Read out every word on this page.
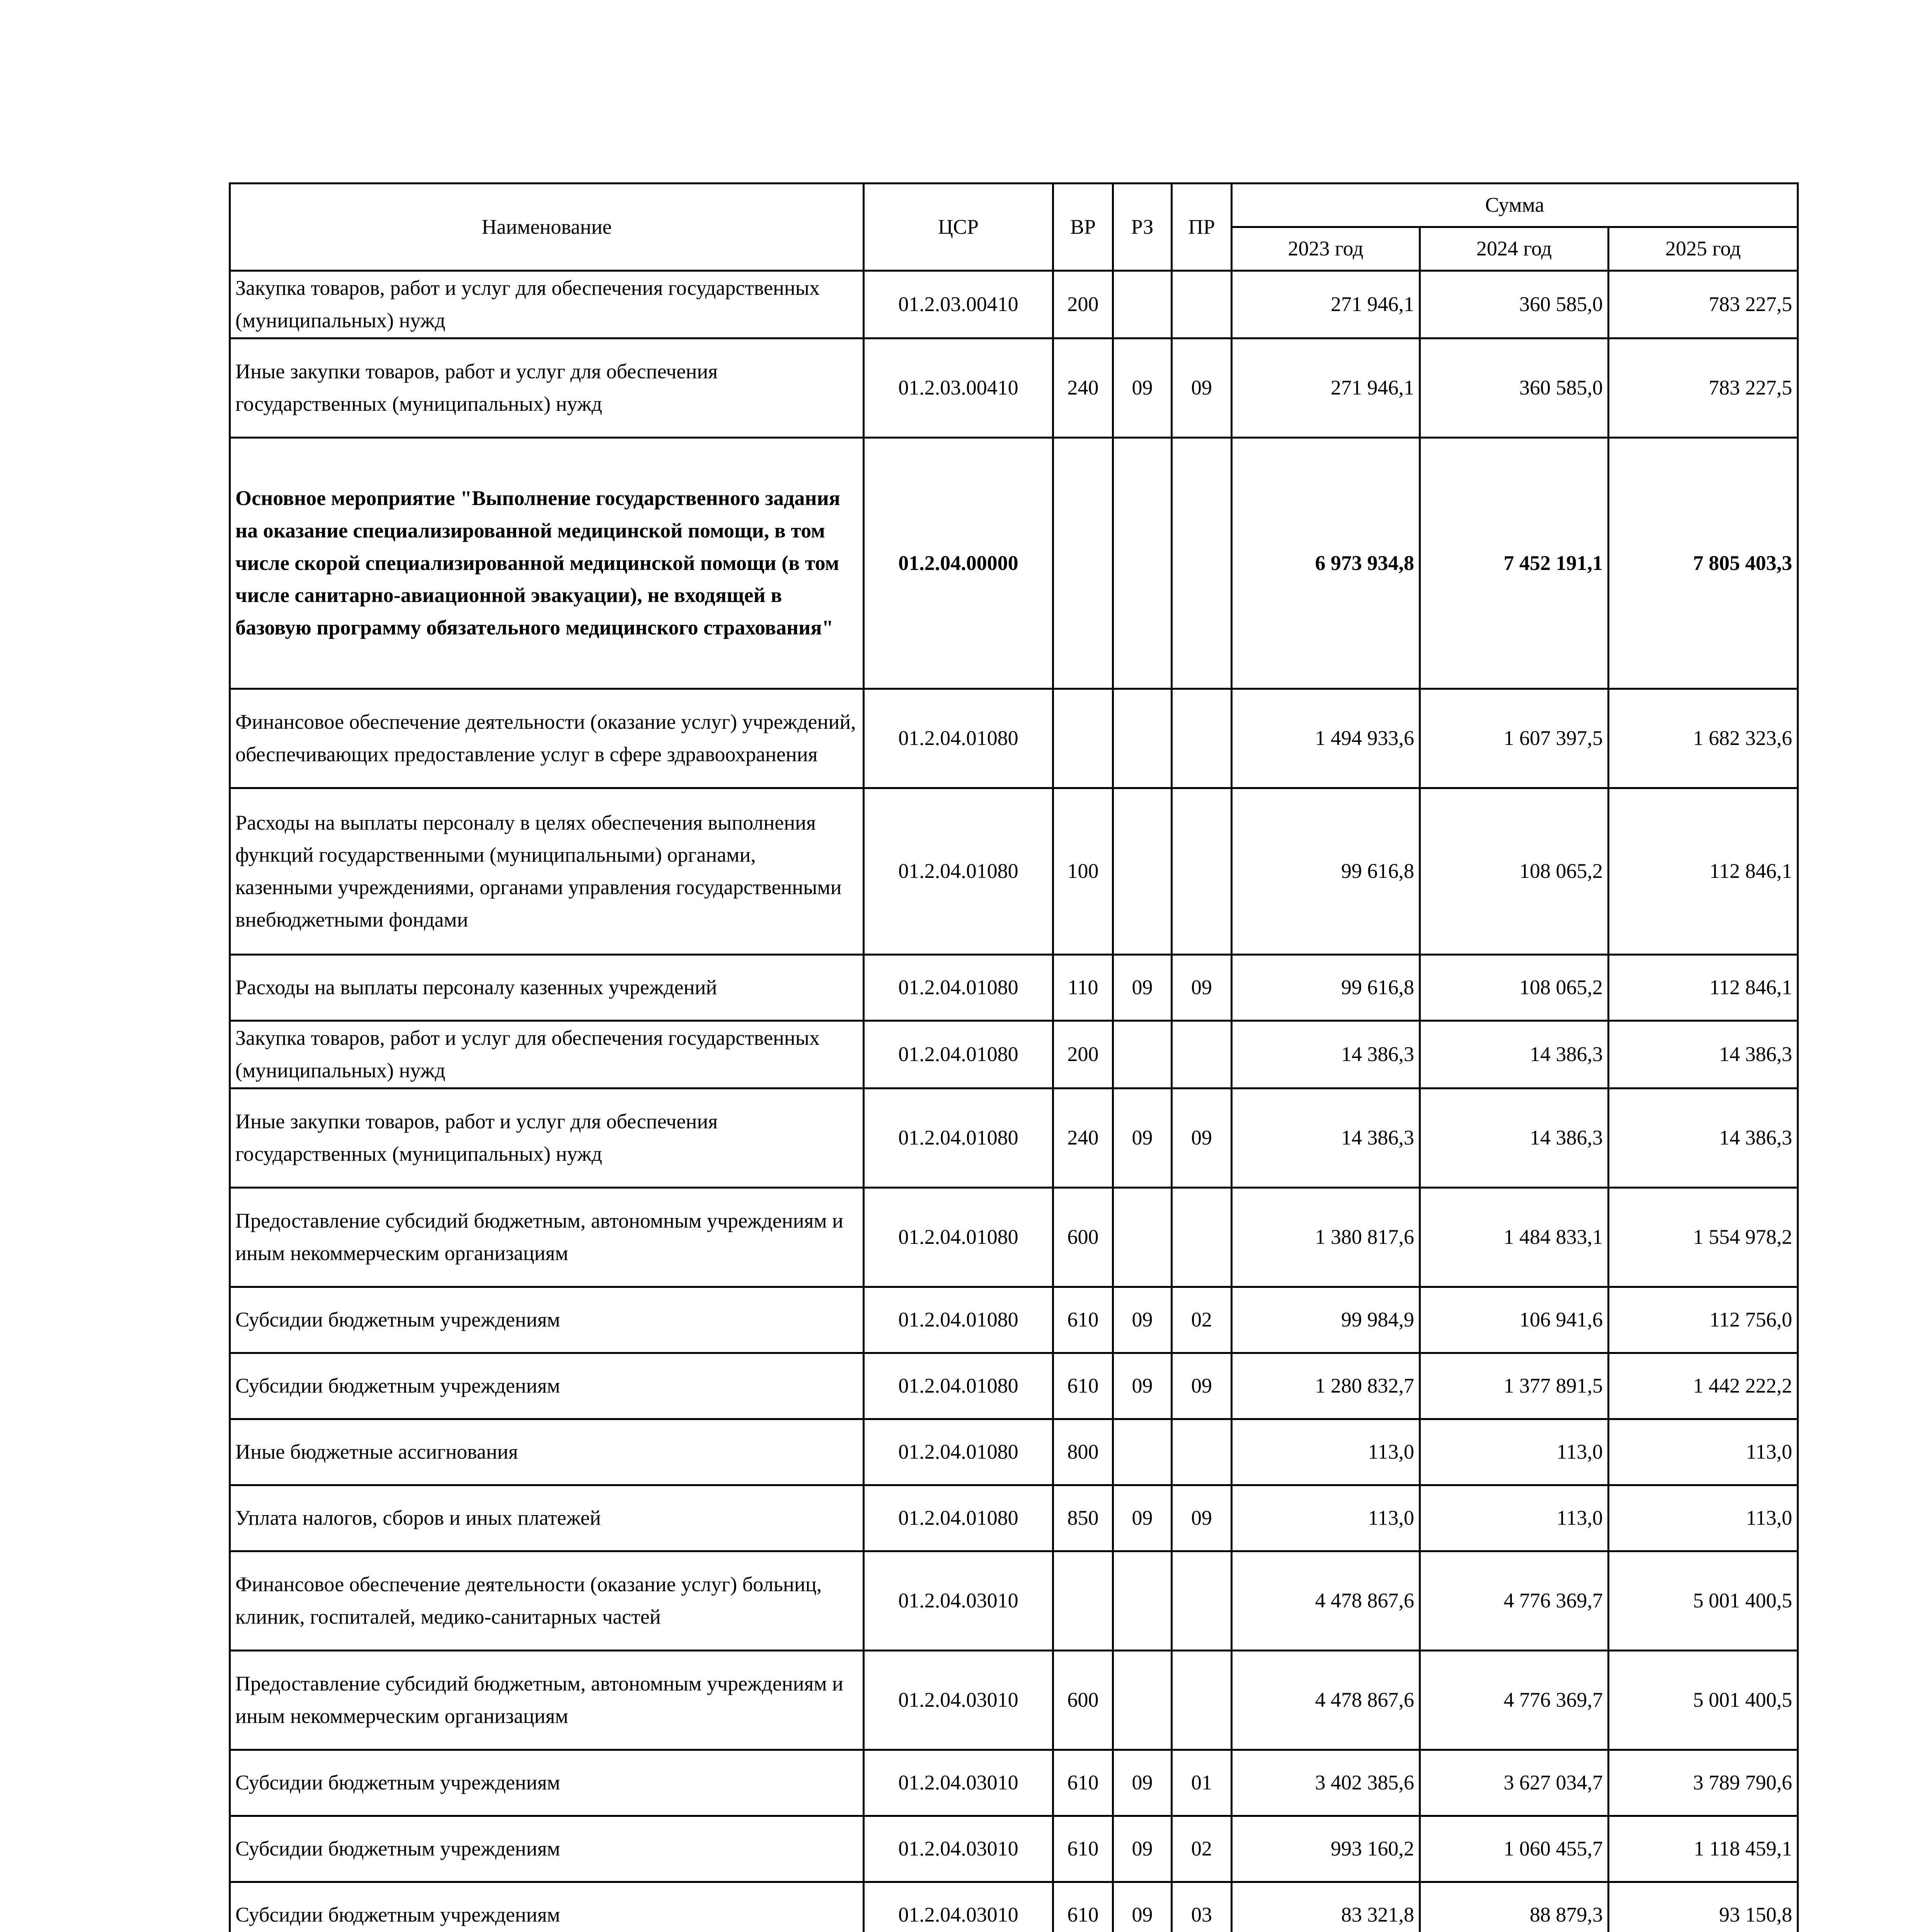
Наименование	ЦСР	ВР	РЗ	ПР	Сумма		
					2023 год	2024 год	2025 год
Закупка товаров, работ и услуг для обеспечения государственных (муниципальных) нужд	01.2.03.00410	200			271 946,1	360 585,0	783 227,5
Иные закупки товаров, работ и услуг для обеспечения государственных (муниципальных) нужд	01.2.03.00410	240	09	09	271 946,1	360 585,0	783 227,5
Основное мероприятие "Выполнение государственного задания на оказание специализированной медицинской помощи, в том числе скорой специализированной медицинской помощи (в том числе санитарно-авиационной эвакуации), не входящей в базовую программу обязательного медицинского страхования"	01.2.04.00000				6 973 934,8	7 452 191,1	7 805 403,3
Финансовое обеспечение деятельности (оказание услуг) учреждений, обеспечивающих предоставление услуг в сфере здравоохранения	01.2.04.01080				1 494 933,6	1 607 397,5	1 682 323,6
Расходы на выплаты персоналу в целях обеспечения выполнения функций государственными (муниципальными) органами, казенными учреждениями, органами управления государственными внебюджетными фондами	01.2.04.01080	100			99 616,8	108 065,2	112 846,1
Расходы на выплаты персоналу казенных учреждений	01.2.04.01080	110	09	09	99 616,8	108 065,2	112 846,1
Закупка товаров, работ и услуг для обеспечения государственных (муниципальных) нужд	01.2.04.01080	200			14 386,3	14 386,3	14 386,3
Иные закупки товаров, работ и услуг для обеспечения государственных (муниципальных) нужд	01.2.04.01080	240	09	09	14 386,3	14 386,3	14 386,3
Предоставление субсидий бюджетным, автономным учреждениям и иным некоммерческим организациям	01.2.04.01080	600			1 380 817,6	1 484 833,1	1 554 978,2
Субсидии бюджетным учреждениям	01.2.04.01080	610	09	02	99 984,9	106 941,6	112 756,0
Субсидии бюджетным учреждениям	01.2.04.01080	610	09	09	1 280 832,7	1 377 891,5	1 442 222,2
Иные бюджетные ассигнования	01.2.04.01080	800			113,0	113,0	113,0
Уплата налогов, сборов и иных платежей	01.2.04.01080	850	09	09	113,0	113,0	113,0
Финансовое обеспечение деятельности (оказание услуг) больниц, клиник, госпиталей, медико-санитарных частей	01.2.04.03010				4 478 867,6	4 776 369,7	5 001 400,5
Предоставление субсидий бюджетным, автономным учреждениям и иным некоммерческим организациям	01.2.04.03010	600			4 478 867,6	4 776 369,7	5 001 400,5
Субсидии бюджетным учреждениям	01.2.04.03010	610	09	01	3 402 385,6	3 627 034,7	3 789 790,6
Субсидии бюджетным учреждениям	01.2.04.03010	610	09	02	993 160,2	1 060 455,7	1 118 459,1
Субсидии бюджетным учреждениям	01.2.04.03010	610	09	03	83 321,8	88 879,3	93 150,8
